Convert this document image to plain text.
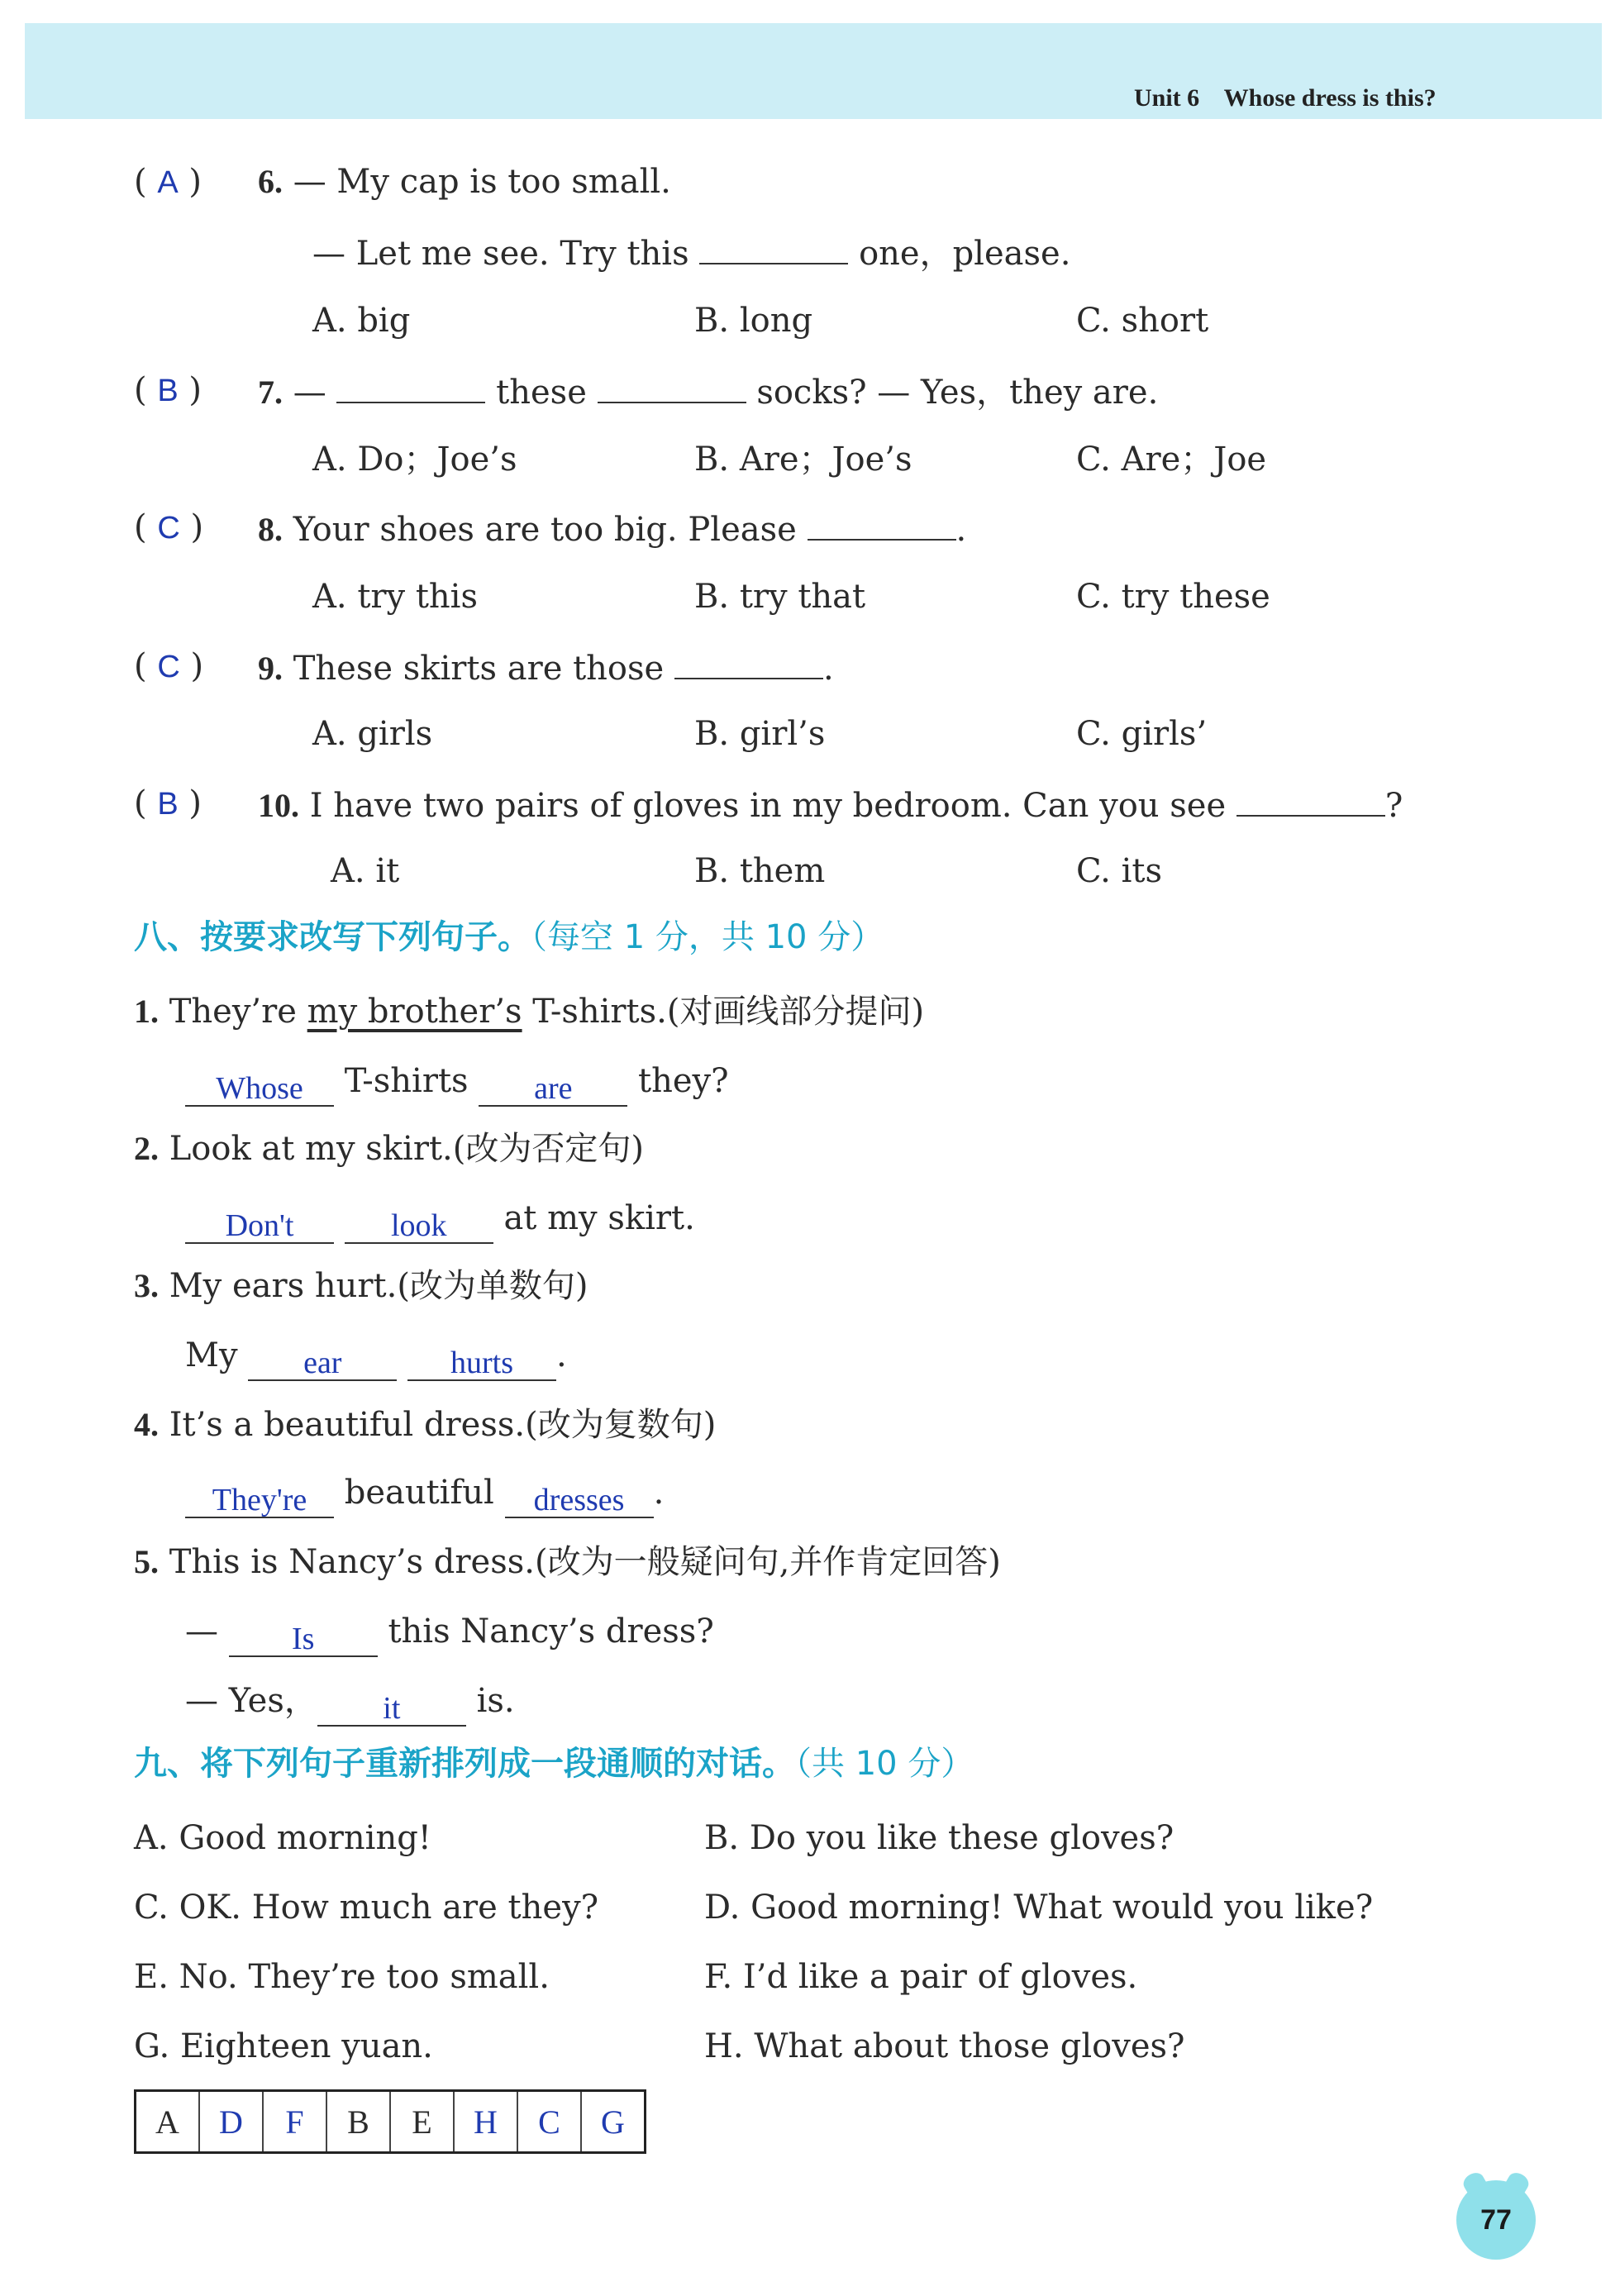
Unit 6    Whose dress is this?
( A ) 6. — My cap is too small.
— Let me see. Try this	one，please.
A. big	B. long	C. short
( B ) 7. —	these	socks? — Yes，they are.
A. Do；Joe’s	B. Are；Joe’s	C. Are；Joe
( C ) 8. Your shoes are too big. Please	.
A. try this	B. try that	C. try these
( C ) 9. These skirts are those	.
A. girls	B. girl’s	C. girls’
( B ) 10. I have two pairs of gloves in my bedroom. Can you see	?
A. it	B. them	C. its
八、按要求改写下列句子。（每空 1 分，共 10 分）
1. They’re my brother’s T-shirts.(对画线部分提问)
Whose T-shirts are they?
2. Look at my skirt.(改为否定句)
Don't	look at my skirt.
3. My ears hurt.(改为单数句)
My ear	hurts .
4. It’s a beautiful dress.(改为复数句)
They're beautiful dresses .
5. This is Nancy’s dress.(改为一般疑问句,并作肯定回答)
— Is this Nancy’s dress?
— Yes， it is.
九、将下列句子重新排列成一段通顺的对话。（共 10 分）
A. Good morning!	B. Do you like these gloves?
C. OK. How much are they?	D. Good morning! What would you like?
E. No. They’re too small.	F. I’d like a pair of gloves.
G. Eighteen yuan.	H. What about those gloves?
A	D	F	B	E	H	C	G
77
